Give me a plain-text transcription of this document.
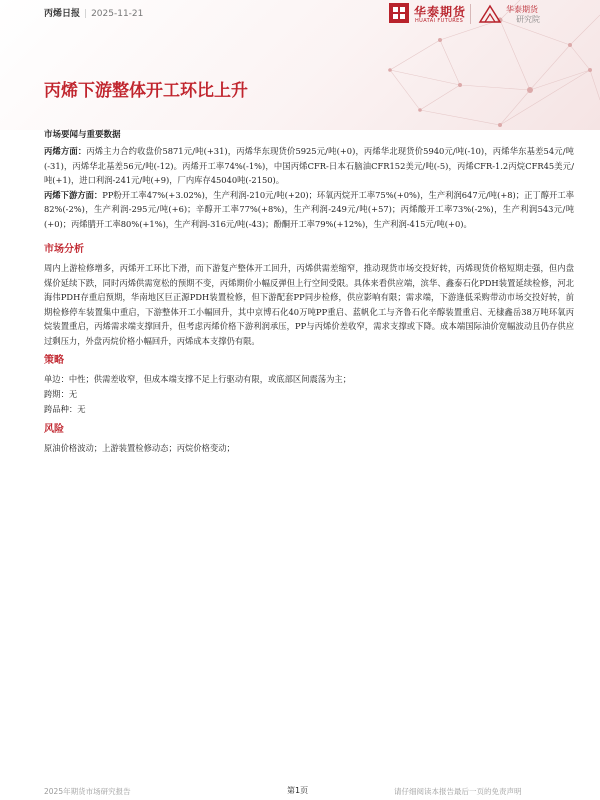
丙烯日报 | 2025-11-21	华泰期货
HUATAI FUTURES
华泰期货
研究院
丙烯下游整体开工环比上升
市场要闻与重要数据

丙烯方面：丙烯主力合约收盘价5871元/吨(+31)，丙烯华东现货价5925元/吨(+0)，丙烯华北现货价5940元/吨(-10)，丙烯华东基差54元/吨(-31)，丙烯华北基差56元/吨(-12)。丙烯开工率74%(-1%)，中国丙烯CFR-日本石脑油CFR152美元/吨(-5)，丙烯CFR-1.2丙烷CFR45美元/吨(+1)，进口利润-241元/吨(+9)，厂内库存45040吨(-2150)。

丙烯下游方面：PP粉开工率47%(+3.02%)，生产利润-210元/吨(+20)；环氧丙烷开工率75%(+0%)，生产利润647元/吨(+8)；正丁醇开工率82%(-2%)，生产利润-295元/吨(+6)；辛醇开工率77%(+8%)，生产利润-249元/吨(+57)；丙烯酸开工率73%(-2%)，生产利润543元/吨(+0)；丙烯腈开工率80%(+1%)，生产利润-316元/吨(-43)；酚酮开工率79%(+12%)，生产利润-415元/吨(+0)。

市场分析

周内上游检修增多，丙烯开工环比下滑，而下游复产整体开工回升，丙烯供需差缩窄，推动现货市场交投好转，丙烯现货价格短期走强，但内盘煤价延续下跌，同时丙烯供需宽松的预期不变，丙烯期价小幅反弹但上行空间受限。具体来看供应端，滨华、鑫泰石化PDH装置延续检修，河北海伟PDH存重启预期，华南地区巨正源PDH装置检修，但下游配套PP同步检修，供应影响有限；需求端，下游逢低采购带动市场交投好转，前期检修停车装置集中重启，下游整体开工小幅回升，其中京博石化40万吨PP重启、蓝帆化工与齐鲁石化辛醇装置重启、无棣鑫岳38万吨环氧丙烷装置重启，丙烯需求端支撑回升，但考虑丙烯价格下游利润承压，PP与丙烯价差收窄，需求支撑或下降。成本端国际油价宽幅波动且仍存供应过剩压力，外盘丙烷价格小幅回升，丙烯成本支撑仍有限。

策略

单边：中性；供需差收窄，但成本端支撑不足上行驱动有限，或底部区间震荡为主；

跨期：无

跨品种：无

风险

原油价格波动；上游装置检修动态；丙烷价格变动；

2025年期货市场研究报告	第1页	请仔细阅读本报告最后一页的免责声明
